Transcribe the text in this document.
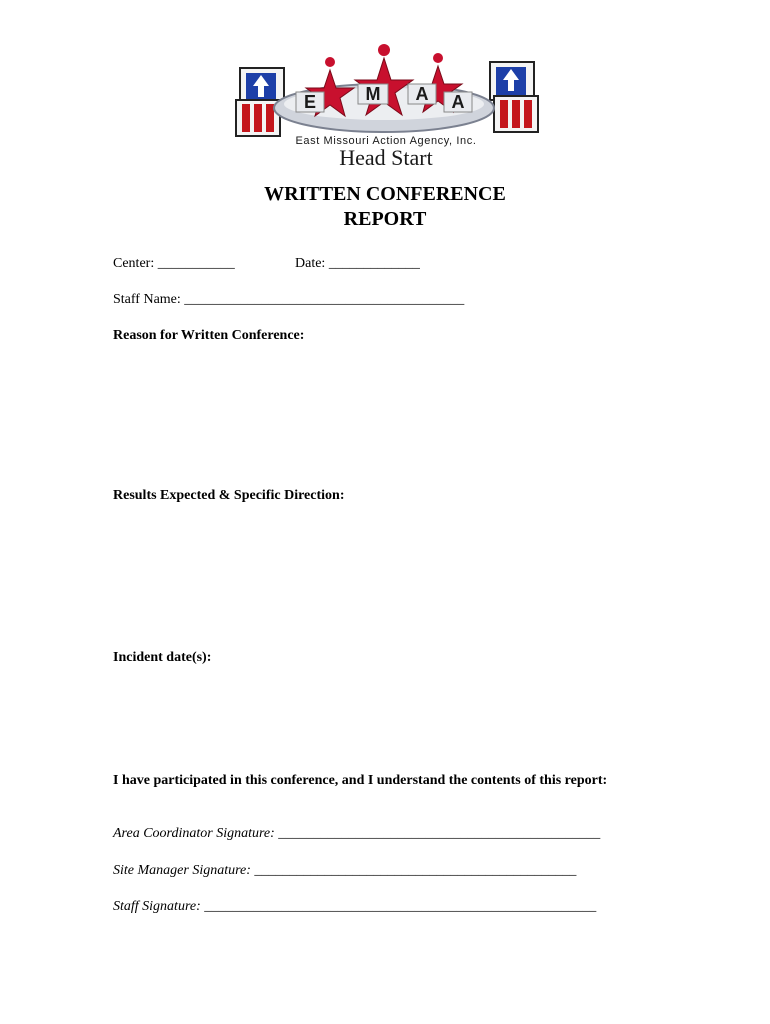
E	M A A
East Missouri Action Agency, Inc.
Head Start
WRITTEN CONFERENCE
REPORT
Center: ___________	Date: _____________
Staff Name: ________________________________________
Reason for Written Conference:
Results Expected & Specific Direction:
Incident date(s):
I have participated in this conference, and I understand the contents of this report:
Area Coordinator Signature: ______________________________________________
Site Manager Signature: ______________________________________________
Staff Signature: ________________________________________________________
